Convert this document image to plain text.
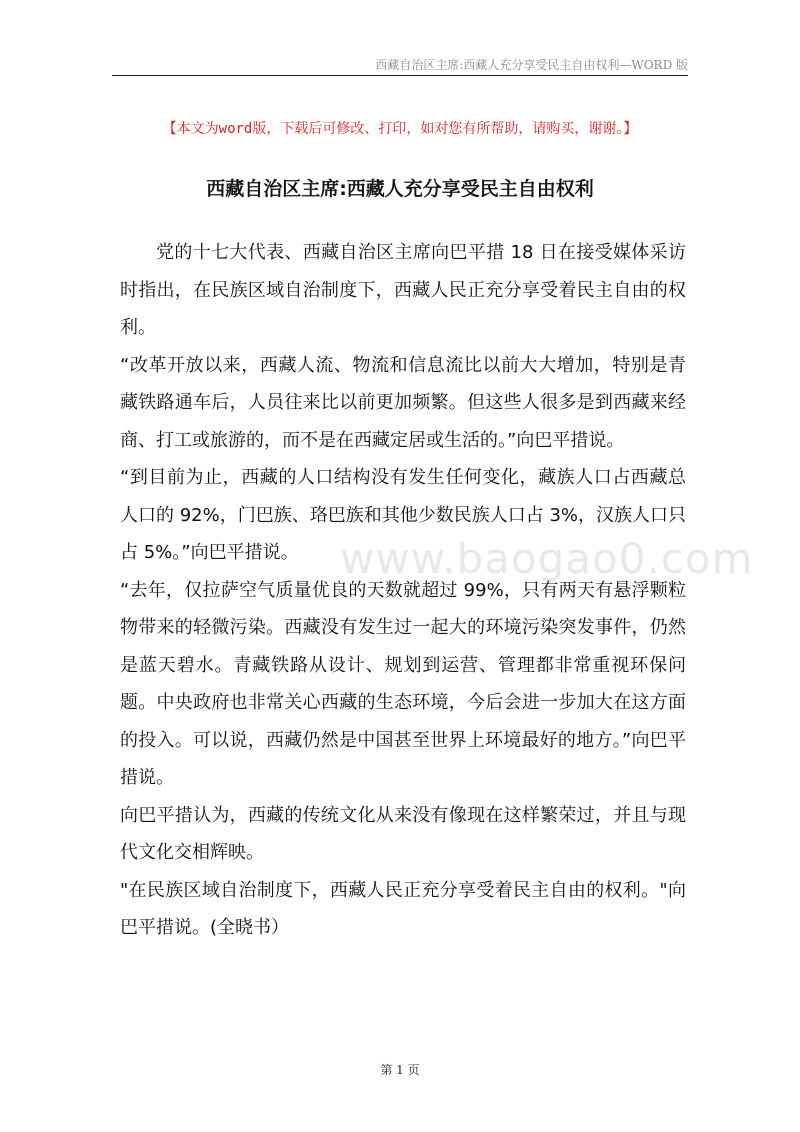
西藏自治区主席:西藏人充分享受民主自由权利—WORD 版
【本文为word版，下载后可修改、打印，如对您有所帮助，请购买，谢谢。】
西藏自治区主席:西藏人充分享受民主自由权利

党的十七大代表、西藏自治区主席向巴平措 18 日在接受媒体采访时指出，在民族区域自治制度下，西藏人民正充分享受着民主自由的权利。

“改革开放以来，西藏人流、物流和信息流比以前大大增加，特别是青藏铁路通车后，人员往来比以前更加频繁。但这些人很多是到西藏来经商、打工或旅游的，而不是在西藏定居或生活的。”向巴平措说。

“到目前为止，西藏的人口结构没有发生任何变化，藏族人口占西藏总人口的 92%，门巴族、珞巴族和其他少数民族人口占 3%，汉族人口只占 5%。”向巴平措说。

“去年，仅拉萨空气质量优良的天数就超过 99%，只有两天有悬浮颗粒物带来的轻微污染。西藏没有发生过一起大的环境污染突发事件，仍然是蓝天碧水。青藏铁路从设计、规划到运营、管理都非常重视环保问题。中央政府也非常关心西藏的生态环境，今后会进一步加大在这方面的投入。可以说，西藏仍然是中国甚至世界上环境最好的地方。”向巴平措说。

向巴平措认为，西藏的传统文化从来没有像现在这样繁荣过，并且与现代文化交相辉映。

"在民族区域自治制度下，西藏人民正充分享受着民主自由的权利。"向巴平措说。(全晓书）

www.baogao0.com
第 1 页
